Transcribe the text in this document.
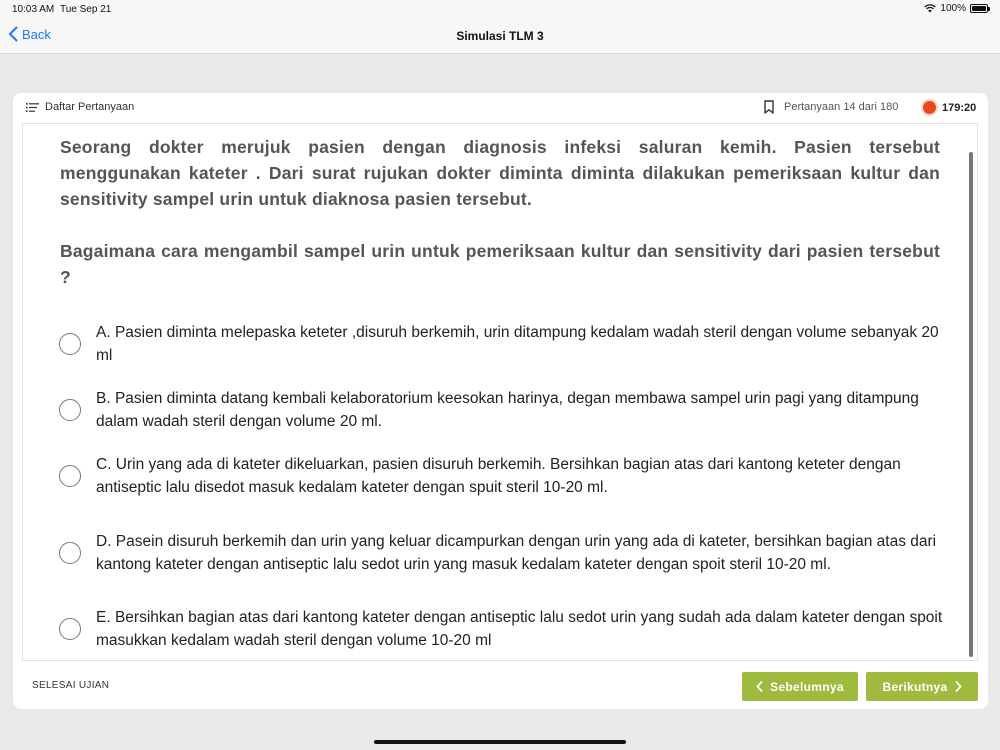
10:03 AM Tue Sep 21	100%
Back	Simulasi TLM 3
Daftar Pertanyaan	Pertanyaan 14 dari 180	179:20

Seorang dokter merujuk pasien dengan diagnosis infeksi saluran kemih. Pasien tersebut menggunakan kateter . Dari surat rujukan dokter diminta diminta dilakukan pemeriksaan kultur dan sensitivity sampel urin untuk diaknosa pasien tersebut.

Bagaimana cara mengambil sampel urin untuk pemeriksaan kultur dan sensitivity dari pasien tersebut ?

A. Pasien diminta melepaska keteter ,disuruh berkemih, urin ditampung kedalam wadah steril dengan volume sebanyak 20 ml
B. Pasien diminta datang kembali kelaboratorium keesokan harinya, degan membawa sampel urin pagi yang ditampung dalam wadah steril dengan volume 20 ml.
C. Urin yang ada di kateter dikeluarkan, pasien disuruh berkemih. Bersihkan bagian atas dari kantong keteter dengan antiseptic lalu disedot masuk kedalam kateter dengan spuit steril 10-20 ml.
D. Pasein disuruh berkemih dan urin yang keluar dicampurkan dengan urin yang ada di kateter, bersihkan bagian atas dari kantong kateter dengan antiseptic lalu sedot urin yang masuk kedalam kateter dengan spoit steril 10-20 ml.
E. Bersihkan bagian atas dari kantong kateter dengan antiseptic lalu sedot urin yang sudah ada dalam kateter dengan spoit masukkan kedalam wadah steril dengan volume 10-20 ml
SELESAI UJIAN	Sebelumnya	Berikutnya
